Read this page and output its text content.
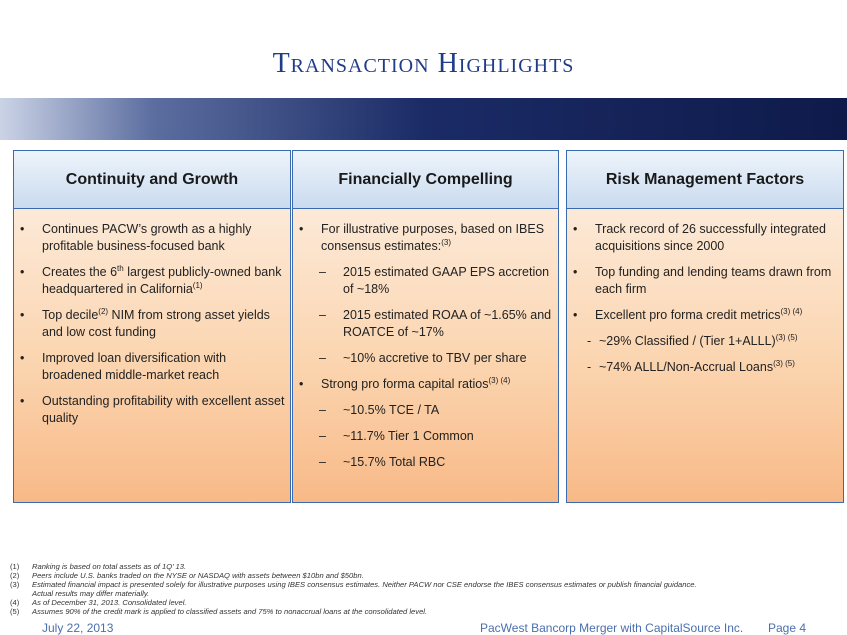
Transaction Highlights
Continuity and Growth
•	Continues PACW’s growth as a highly profitable business-focused bank
•	Creates the 6th largest publicly-owned bank headquartered in California$^{(1)}$
•	Top decile$^{(2)}$ NIM from strong asset yields and low cost funding
•	Improved loan diversification with broadened middle-market reach
•	Outstanding profitability with excellent asset quality
Financially Compelling
•	For illustrative purposes, based on IBES consensus estimates:$^{(3)}$
–	2015 estimated GAAP EPS accretion of ~18%
–	2015 estimated ROAA of ~1.65% and ROATCE of ~17%
–	~10% accretive to TBV per share
•	Strong pro forma capital ratios$^{(3) (4)}$
–	~10.5% TCE / TA
–	~11.7% Tier 1 Common
–	~15.7% Total RBC
Risk Management Factors
•	Track record of 26 successfully integrated acquisitions since 2000
•	Top funding and lending teams drawn from each firm
•	Excellent pro forma credit metrics$^{(3) (4)}$
- ~29% Classified / (Tier 1+ALLL)$^{(3) (5)}$
- ~74% ALLL/Non-Accrual Loans$^{(3) (5)}$
(1) Ranking is based on total assets as of 1Q’ 13.
(2) Peers include U.S. banks traded on the NYSE or NASDAQ with assets between $10bn and $50bn.
(3) Estimated financial impact is presented solely for illustrative purposes using IBES consensus estimates. Neither PACW nor CSE endorse the IBES consensus estimates or publish financial guidance.
Actual results may differ materially.
(4) As of December 31, 2013. Consolidated level.
(5) Assumes 90% of the credit mark is applied to classified assets and 75% to nonaccrual loans at the consolidated level.
July 22, 2013	PacWest Bancorp Merger with CapitalSource Inc. Page 4
